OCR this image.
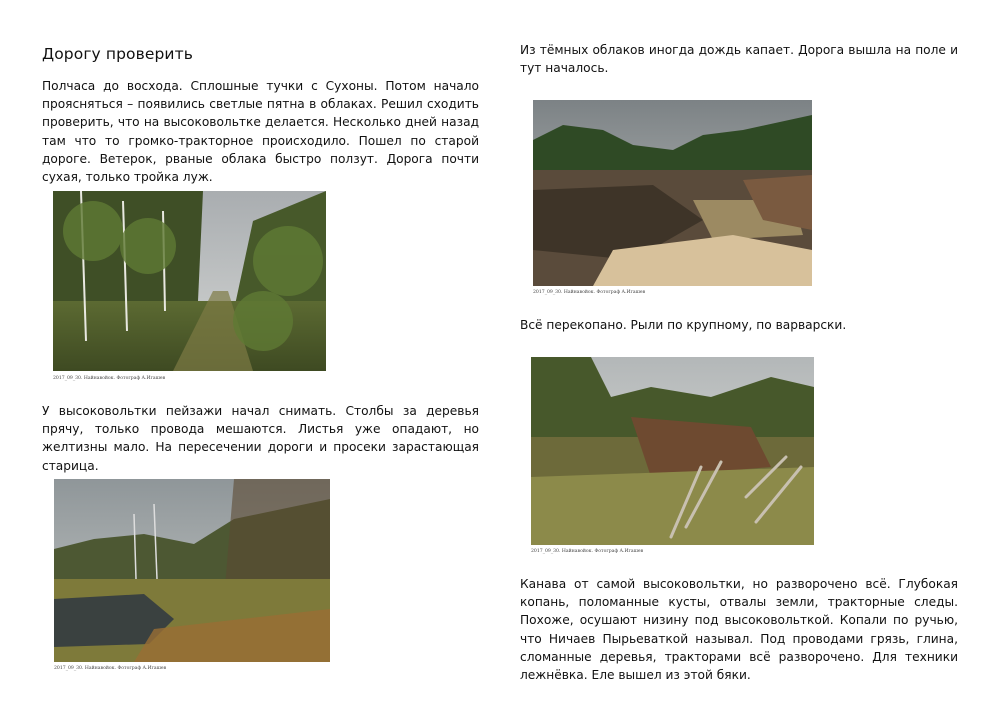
Дорогу проверить

Полчаса до восхода. Сплошные тучки с Сухоны. Потом начало проясняться – появились светлые пятна в облаках. Решил сходить проверить, что на высоковольтке делается. Несколько дней назад там что то громко-тракторное происходило. Пошел по старой дороге. Ветерок, рваные облака быстро ползут. Дорога почти сухая, только тройка луж.

2017_09_30. Найнавойок. Фотограф А.Игашев

У высоковольтки пейзажи начал снимать. Столбы за деревья прячу, только провода мешаются. Листья уже опадают, но желтизны мало. На пересечении дороги и просеки зарастающая старица.

2017_09_30. Найнавойок. Фотограф А.Игашев

Из тёмных облаков иногда дождь капает. Дорога вышла на поле и тут началось.

2017_09_30. Найнавойок. Фотограф А.Игашев

Всё перекопано. Рыли по крупному, по варварски.

2017_09_30. Найнавойок. Фотограф А.Игашев

Канава от самой высоковольтки, но разворочено всё. Глубокая копань, поломанные кусты, отвалы земли, тракторные следы. Похоже, осушают низину под высоковольткой. Копали по ручью, что Ничаев Пырьеваткой называл. Под проводами грязь, глина, сломанные деревья, тракторами всё разворочено. Для техники лежнёвка. Еле вышел из этой бяки.
